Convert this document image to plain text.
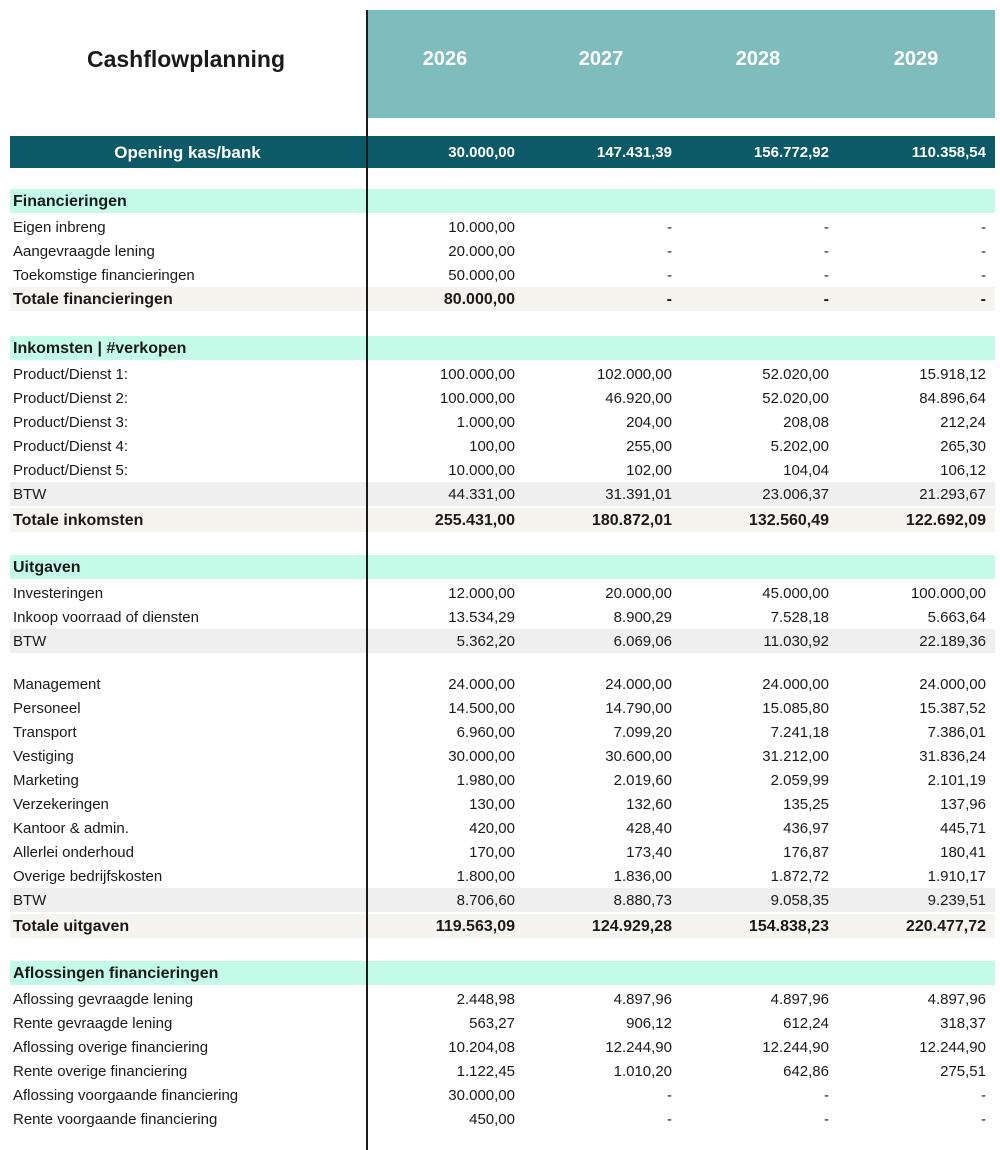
Cashflowplanning	2026	2027	2028	2029
Opening kas/bank	30.000,00	147.431,39	156.772,92	110.358,54
Financieringen
Eigen inbreng	10.000,00	-	-	-
Aangevraagde lening	20.000,00	-	-	-
Toekomstige financieringen	50.000,00	-	-	-
Totale financieringen	80.000,00	-	-	-
Inkomsten | #verkopen
Product/Dienst 1:	100.000,00	102.000,00	52.020,00	15.918,12
Product/Dienst 2:	100.000,00	46.920,00	52.020,00	84.896,64
Product/Dienst 3:	1.000,00	204,00	208,08	212,24
Product/Dienst 4:	100,00	255,00	5.202,00	265,30
Product/Dienst 5:	10.000,00	102,00	104,04	106,12
BTW	44.331,00	31.391,01	23.006,37	21.293,67
Totale inkomsten	255.431,00	180.872,01	132.560,49	122.692,09
Uitgaven
Investeringen	12.000,00	20.000,00	45.000,00	100.000,00
Inkoop voorraad of diensten	13.534,29	8.900,29	7.528,18	5.663,64
BTW	5.362,20	6.069,06	11.030,92	22.189,36
Management	24.000,00	24.000,00	24.000,00	24.000,00
Personeel	14.500,00	14.790,00	15.085,80	15.387,52
Transport	6.960,00	7.099,20	7.241,18	7.386,01
Vestiging	30.000,00	30.600,00	31.212,00	31.836,24
Marketing	1.980,00	2.019,60	2.059,99	2.101,19
Verzekeringen	130,00	132,60	135,25	137,96
Kantoor & admin.	420,00	428,40	436,97	445,71
Allerlei onderhoud	170,00	173,40	176,87	180,41
Overige bedrijfskosten	1.800,00	1.836,00	1.872,72	1.910,17
BTW	8.706,60	8.880,73	9.058,35	9.239,51
Totale uitgaven	119.563,09	124.929,28	154.838,23	220.477,72
Aflossingen financieringen
Aflossing gevraagde lening	2.448,98	4.897,96	4.897,96	4.897,96
Rente gevraagde lening	563,27	906,12	612,24	318,37
Aflossing overige financiering	10.204,08	12.244,90	12.244,90	12.244,90
Rente overige financiering	1.122,45	1.010,20	642,86	275,51
Aflossing voorgaande financiering	30.000,00	-	-	-
Rente voorgaande financiering	450,00	-	-	-
